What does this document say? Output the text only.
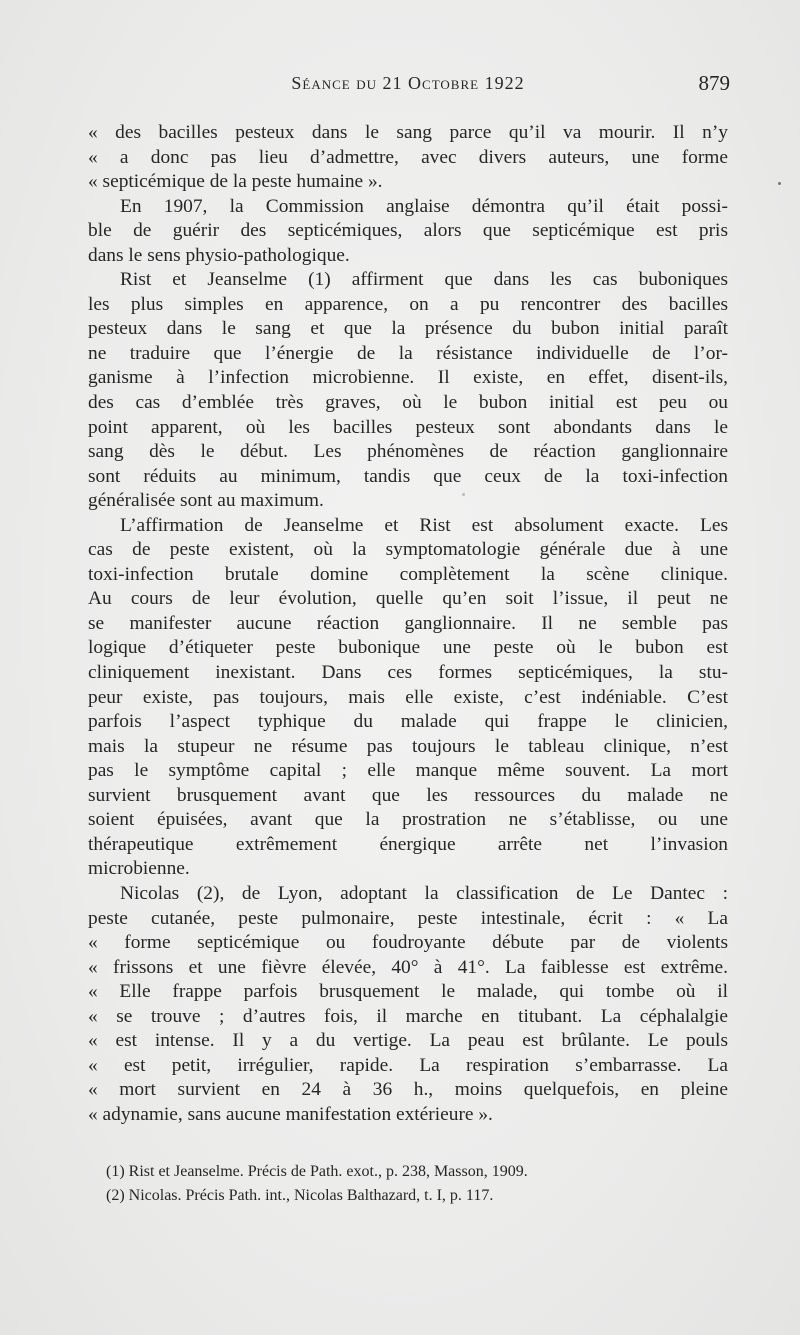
Séance du 21 Octobre 1922	879
« des bacilles pesteux dans le sang parce qu’il va mourir. Il n’y
« a donc pas lieu d’admettre, avec divers auteurs, une forme
« septicémique de la peste humaine ».
En 1907, la Commission anglaise démontra qu’il était possi-
ble de guérir des septicémiques, alors que septicémique est pris
dans le sens physio-pathologique.
Rist et Jeanselme (1) affirment que dans les cas buboniques
les plus simples en apparence, on a pu rencontrer des bacilles
pesteux dans le sang et que la présence du bubon initial paraît
ne traduire que l’énergie de la résistance individuelle de l’or-
ganisme à l’infection microbienne. Il existe, en effet, disent-ils,
des cas d’emblée très graves, où le bubon initial est peu ou
point apparent, où les bacilles pesteux sont abondants dans le
sang dès le début. Les phénomènes de réaction ganglionnaire
sont réduits au minimum, tandis que ceux de la toxi-infection
généralisée sont au maximum.
L’affirmation de Jeanselme et Rist est absolument exacte. Les
cas de peste existent, où la symptomatologie générale due à une
toxi-infection brutale domine complètement la scène clinique.
Au cours de leur évolution, quelle qu’en soit l’issue, il peut ne
se manifester aucune réaction ganglionnaire. Il ne semble pas
logique d’étiqueter peste bubonique une peste où le bubon est
cliniquement inexistant. Dans ces formes septicémiques, la stu-
peur existe, pas toujours, mais elle existe, c’est indéniable. C’est
parfois l’aspect typhique du malade qui frappe le clinicien,
mais la stupeur ne résume pas toujours le tableau clinique, n’est
pas le symptôme capital ; elle manque même souvent. La mort
survient brusquement avant que les ressources du malade ne
soient épuisées, avant que la prostration ne s’établisse, ou une
thérapeutique extrêmement énergique arrête net l’invasion
microbienne.
Nicolas (2), de Lyon, adoptant la classification de Le Dantec :
peste cutanée, peste pulmonaire, peste intestinale, écrit : « La
« forme septicémique ou foudroyante débute par de violents
« frissons et une fièvre élevée, 40° à 41°. La faiblesse est extrême.
« Elle frappe parfois brusquement le malade, qui tombe où il
« se trouve ; d’autres fois, il marche en titubant. La céphalalgie
« est intense. Il y a du vertige. La peau est brûlante. Le pouls
« est petit, irrégulier, rapide. La respiration s’embarrasse. La
« mort survient en 24 à 36 h., moins quelquefois, en pleine
« adynamie, sans aucune manifestation extérieure ».
(1) Rist et Jeanselme. Précis de Path. exot., p. 238, Masson, 1909.
(2) Nicolas. Précis Path. int., Nicolas Balthazard, t. I, p. 117.
